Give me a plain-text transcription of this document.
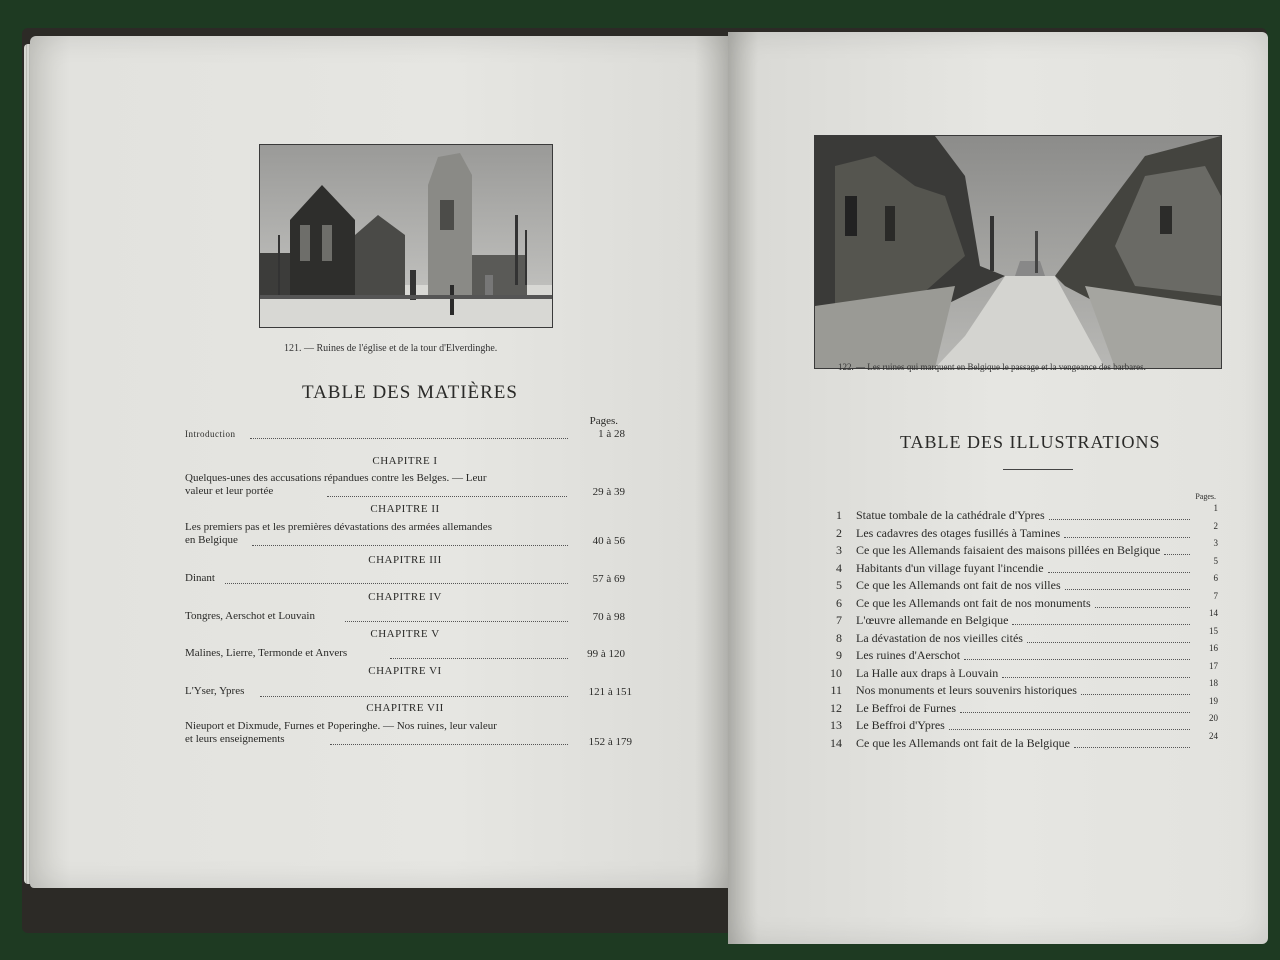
121. — Ruines de l'église et de la tour d'Elverdinghe.
TABLE DES MATIÈRES
Pages.
Introduction	1 à 28
CHAPITRE I
Quelques-unes des accusations répandues contre les Belges. — Leur
valeur et leur portée	29 à 39
CHAPITRE II
Les premiers pas et les premières dévastations des armées allemandes
en Belgique	40 à 56
CHAPITRE III
Dinant	57 à 69
CHAPITRE IV
Tongres, Aerschot et Louvain	70 à 98
CHAPITRE V
Malines, Lierre, Termonde et Anvers	99 à 120
CHAPITRE VI
L'Yser, Ypres	121 à 151
CHAPITRE VII
Nieuport et Dixmude, Furnes et Poperinghe. — Nos ruines, leur valeur
et leurs enseignements	152 à 179
122. — Les ruines qui marquent en Belgique le passage et la vengeance des barbares.
TABLE DES ILLUSTRATIONS
Pages.
1 Statue tombale de la cathédrale d'Ypres	1
2 Les cadavres des otages fusillés à Tamines	2
3 Ce que les Allemands faisaient des maisons pillées en Belgique	3
4 Habitants d'un village fuyant l'incendie	5
5 Ce que les Allemands ont fait de nos villes	6
6 Ce que les Allemands ont fait de nos monuments	7
7 L'œuvre allemande en Belgique	14
8 La dévastation de nos vieilles cités	15
9 Les ruines d'Aerschot	16
10 La Halle aux draps à Louvain	17
11 Nos monuments et leurs souvenirs historiques	18
12 Le Beffroi de Furnes	19
13 Le Beffroi d'Ypres	20
14 Ce que les Allemands ont fait de la Belgique	24
